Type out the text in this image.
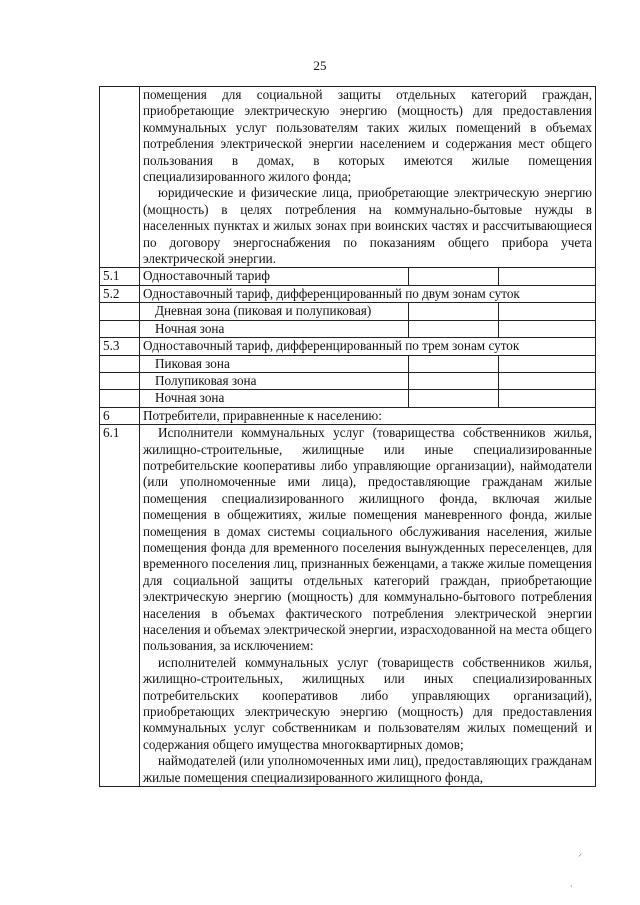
25

	помещения для социальной защиты отдельных категорий граждан, приобретающие электрическую энергию (мощность) для предоставления коммунальных услуг пользователям таких жилых помещений в объемах потребления электрической энергии населением и содержания мест общего пользования в домах, в которых имеются жилые помещения специализированного жилого фонда;

юридические и физические лица, приобретающие электрическую энергию (мощность) в целях потребления на коммунально-бытовые нужды в населенных пунктах и жилых зонах при воинских частях и рассчитывающиеся по договору энергоснабжения по показаниям общего прибора учета электрической энергии.		

5.1	Одноставочный тариф		
5.2	Одноставочный тариф, дифференцированный по двум зонам суток		
	Дневная зона (пиковая и полупиковая)		
	Ночная зона		
5.3	Одноставочный тариф, дифференцированный по трем зонам суток		
	Пиковая зона		
	Полупиковая зона		
	Ночная зона		
6	Потребители, приравненные к населению:		
6.1	Исполнители коммунальных услуг (товарищества собственников жилья, жилищно-строительные, жилищные или иные специализированные потребительские кооперативы либо управляющие организации), наймодатели (или уполномоченные ими лица), предоставляющие гражданам жилые помещения специализированного жилищного фонда, включая жилые помещения в общежитиях, жилые помещения маневренного фонда, жилые помещения в домах системы социального обслуживания населения, жилые помещения фонда для временного поселения вынужденных переселенцев, для временного поселения лиц, признанных беженцами, а также жилые помещения для социальной защиты отдельных категорий граждан, приобретающие электрическую энергию (мощность) для коммунально-бытового потребления населения в объемах фактического потребления электрической энергии населения и объемах электрической энергии, израсходованной на места общего пользования, за исключением:

исполнителей коммунальных услуг (товариществ собственников жилья, жилищно-строительных, жилищных или иных специализированных потребительских кооперативов либо управляющих организаций), приобретающих электрическую энергию (мощность) для предоставления коммунальных услуг собственникам и пользователям жилых помещений и содержания общего имущества многоквартирных домов;

наймодателей (или уполномоченных ими лиц), предоставляющих гражданам жилые помещения специализированного жилищного фонда,		

⸝
·
